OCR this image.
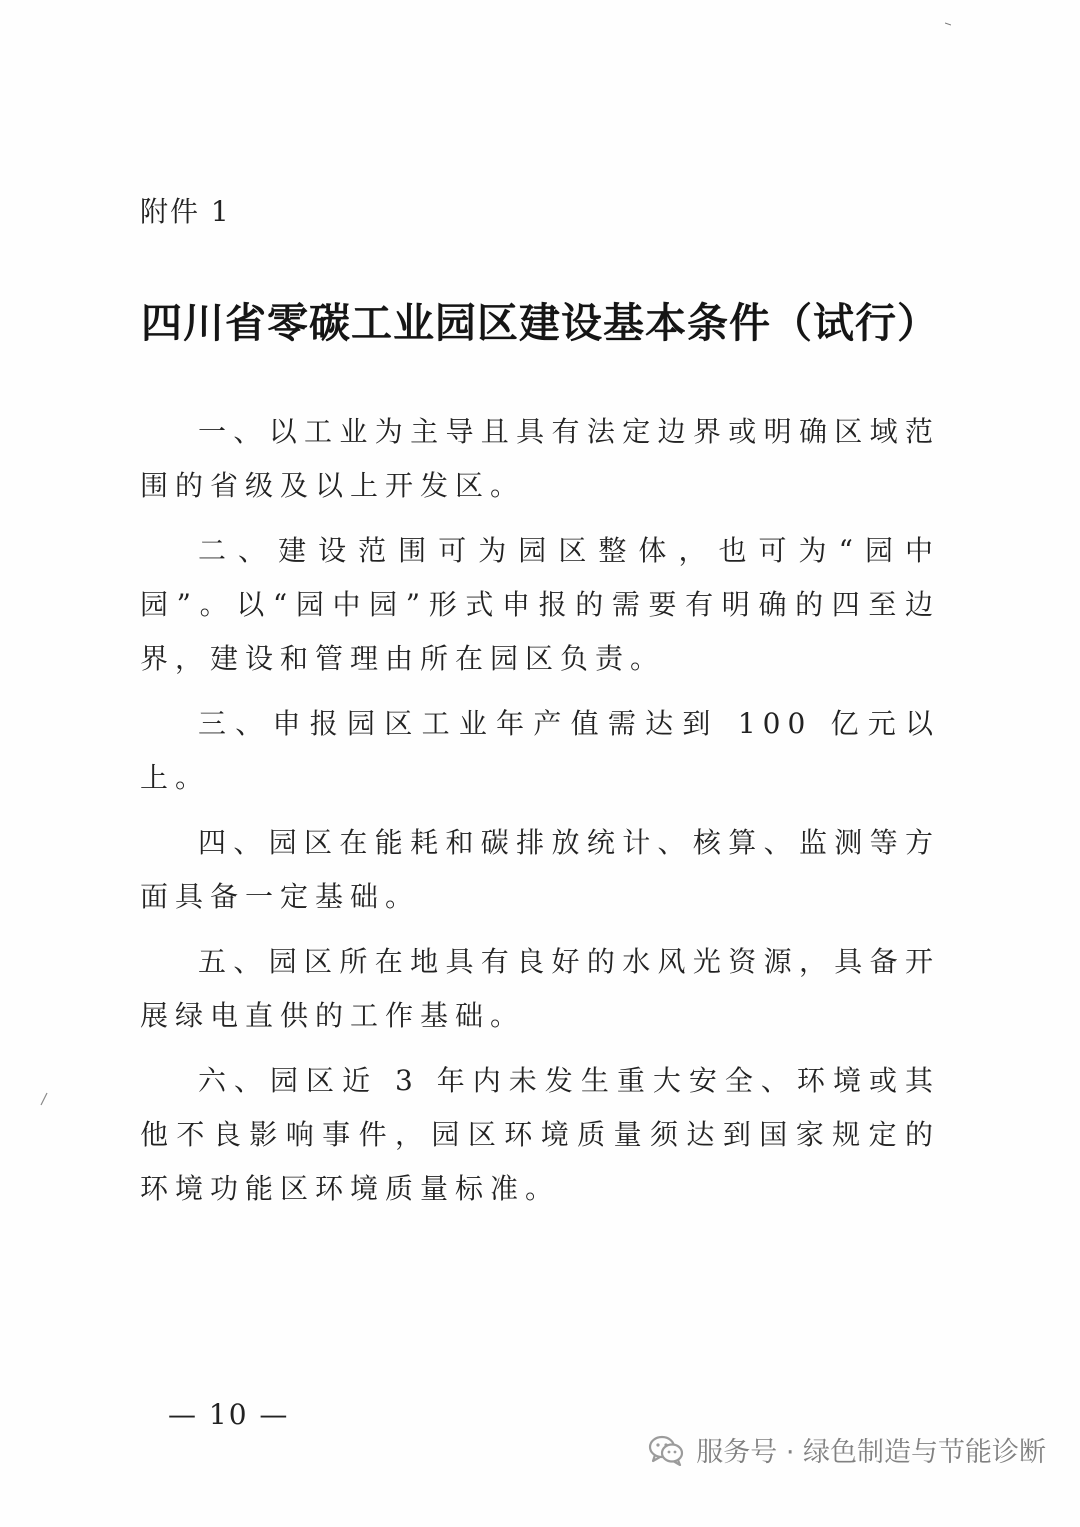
附件 1
四川省零碳工业园区建设基本条件（试行）

一、以工业为主导且具有法定边界或明确区域范围的省级及以上开发区。

二、建设范围可为园区整体，也可为“园中园”。以“园中园”形式申报的需要有明确的四至边界，建设和管理由所在园区负责。

三、申报园区工业年产值需达到 100 亿元以上。

四、园区在能耗和碳排放统计、核算、监测等方面具备一定基础。

五、园区所在地具有良好的水风光资源，具备开展绿电直供的工作基础。

六、园区近 3 年内未发生重大安全、环境或其他不良影响事件，园区环境质量须达到国家规定的环境功能区环境质量标准。

— 10 —
服务号 · 绿色制造与节能诊断
